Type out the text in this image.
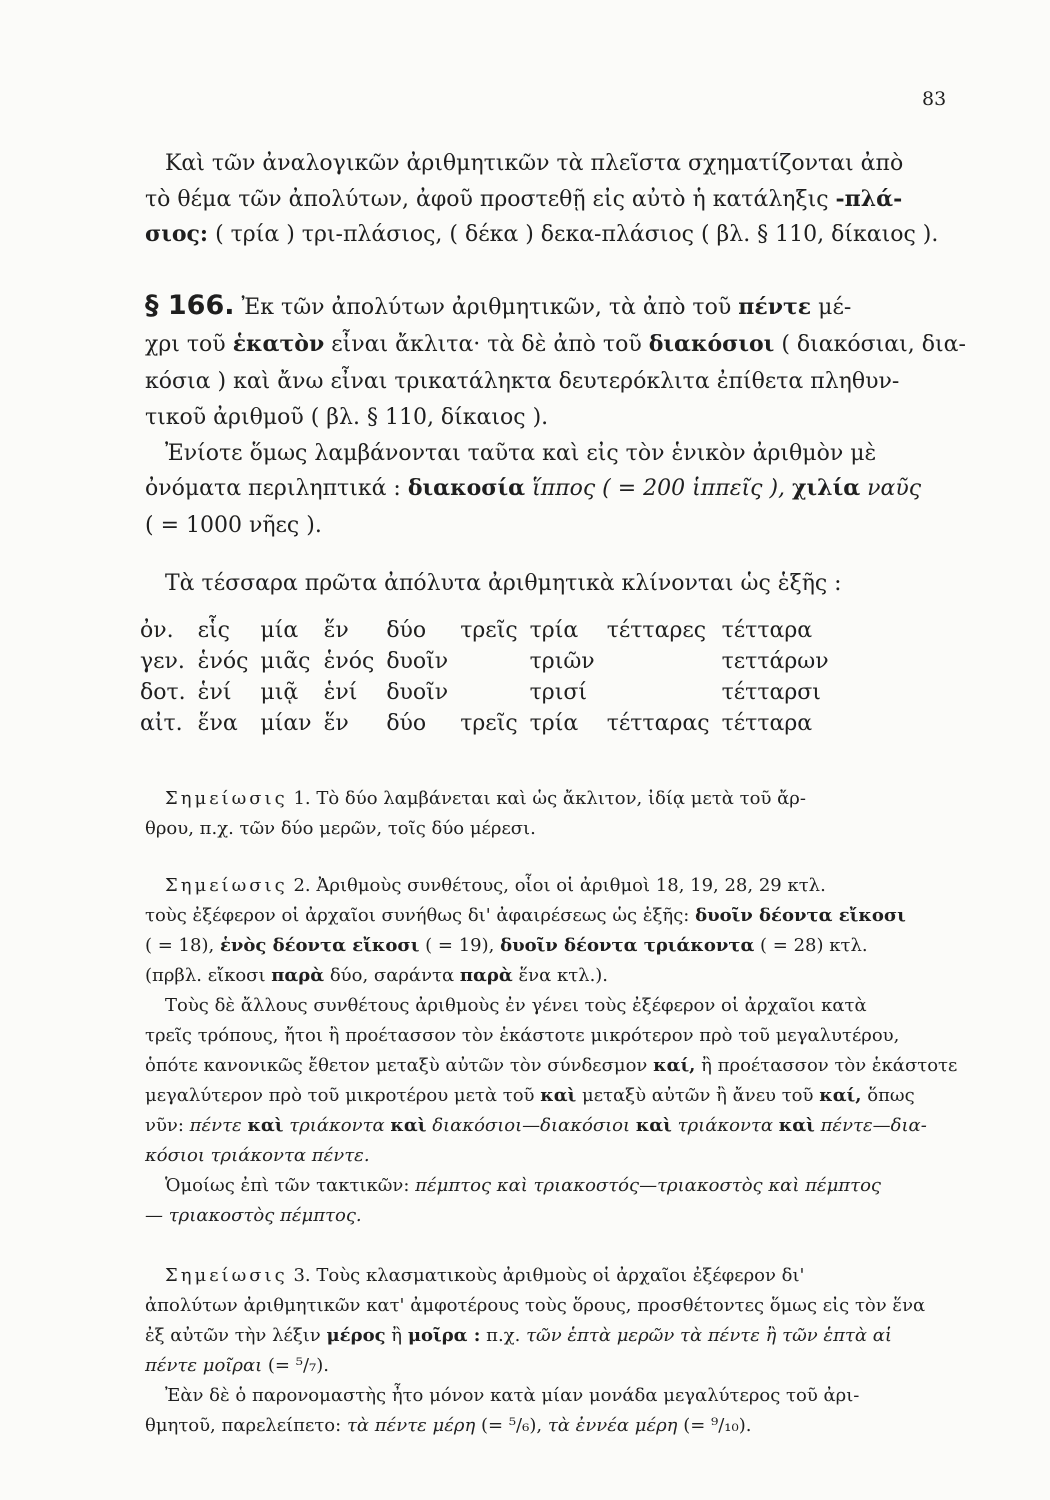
83
Καὶ τῶν ἀναλογικῶν ἀριθμητικῶν τὰ πλεῖστα σχηματίζονται ἀπὸ
τὸ θέμα τῶν ἀπολύτων, ἀφοῦ προστεθῇ εἰς αὐτὸ ἡ κατάληξις -πλά-
σιος: ( τρία ) τρι-πλάσιος, ( δέκα ) δεκα-πλάσιος ( βλ. § 110, δίκαιος ).
§ 166. Ἐκ τῶν ἀπολύτων ἀριθμητικῶν, τὰ ἀπὸ τοῦ πέντε μέ-
χρι τοῦ ἑκατὸν εἶναι ἄκλιτα· τὰ δὲ ἀπὸ τοῦ διακόσιοι ( διακόσιαι, δια-
κόσια ) καὶ ἄνω εἶναι τρικατάληκτα δευτερόκλιτα ἐπίθετα πληθυν-
τικοῦ ἀριθμοῦ ( βλ. § 110, δίκαιος ).
Ἐνίοτε ὅμως λαμβάνονται ταῦτα καὶ εἰς τὸν ἑνικὸν ἀριθμὸν μὲ
ὀνόματα περιληπτικά : διακοσία ἵππος ( = 200 ἱππεῖς ), χιλία ναῦς
( = 1000 νῆες ).
Τὰ τέσσαρα πρῶτα ἀπόλυτα ἀριθμητικὰ κλίνονται ὡς ἑξῆς :
ὀν.	εἷς	μία	ἕν	δύο	τρεῖς	τρία	τέτταρες	τέτταρα
γεν.	ἑνός	μιᾶς	ἑνός	δυοῖν		τριῶν		τεττάρων
δοτ.	ἑνί	μιᾷ	ἑνί	δυοῖν		τρισί		τέτταρσι
αἰτ.	ἕνα	μίαν	ἕν	δύο	τρεῖς	τρία	τέτταρας	τέτταρα
Σημείωσις 1. Τὸ δύο λαμβάνεται καὶ ὡς ἄκλιτον, ἰδίᾳ μετὰ τοῦ ἄρ-
θρου, π.χ. τῶν δύο μερῶν, τοῖς δύο μέρεσι.
Σημείωσις 2. Ἀριθμοὺς συνθέτους, οἷοι οἱ ἀριθμοὶ 18, 19, 28, 29 κτλ.
τοὺς ἐξέφερον οἱ ἀρχαῖοι συνήθως δι' ἀφαιρέσεως ὡς ἑξῆς: δυοῖν δέοντα εἴκοσι
( = 18), ἑνὸς δέοντα εἴκοσι ( = 19), δυοῖν δέοντα τριάκοντα ( = 28) κτλ.
(πρβλ. εἴκοσι παρὰ δύο, σαράντα παρὰ ἕνα κτλ.).
Τοὺς δὲ ἄλλους συνθέτους ἀριθμοὺς ἐν γένει τοὺς ἐξέφερον οἱ ἀρχαῖοι κατὰ
τρεῖς τρόπους, ἤτοι ἢ προέτασσον τὸν ἑκάστοτε μικρότερον πρὸ τοῦ μεγαλυτέρου,
ὁπότε κανονικῶς ἔθετον μεταξὺ αὐτῶν τὸν σύνδεσμον καί, ἢ προέτασσον τὸν ἑκάστοτε
μεγαλύτερον πρὸ τοῦ μικροτέρου μετὰ τοῦ καὶ μεταξὺ αὐτῶν ἢ ἄνευ τοῦ καί, ὅπως
νῦν: πέντε καὶ τριάκοντα καὶ διακόσιοι—διακόσιοι καὶ τριάκοντα καὶ πέντε—δια-
κόσιοι τριάκοντα πέντε.
Ὁμοίως ἐπὶ τῶν τακτικῶν: πέμπτος καὶ τριακοστός—τριακοστὸς καὶ πέμπτος
— τριακοστὸς πέμπτος.
Σημείωσις 3. Τοὺς κλασματικοὺς ἀριθμοὺς οἱ ἀρχαῖοι ἐξέφερον δι'
ἀπολύτων ἀριθμητικῶν κατ' ἀμφοτέρους τοὺς ὅρους, προσθέτοντες ὅμως εἰς τὸν ἕνα
ἐξ αὐτῶν τὴν λέξιν μέρος ἢ μοῖρα : π.χ. τῶν ἑπτὰ μερῶν τὰ πέντε ἢ τῶν ἑπτὰ αἱ
πέντε μοῖραι (= ⁵/₇).
Ἐὰν δὲ ὁ παρονομαστὴς ἦτο μόνον κατὰ μίαν μονάδα μεγαλύτερος τοῦ ἀρι-
θμητοῦ, παρελείπετο: τὰ πέντε μέρη (= ⁵/₆), τὰ ἐννέα μέρη (= ⁹/₁₀).
